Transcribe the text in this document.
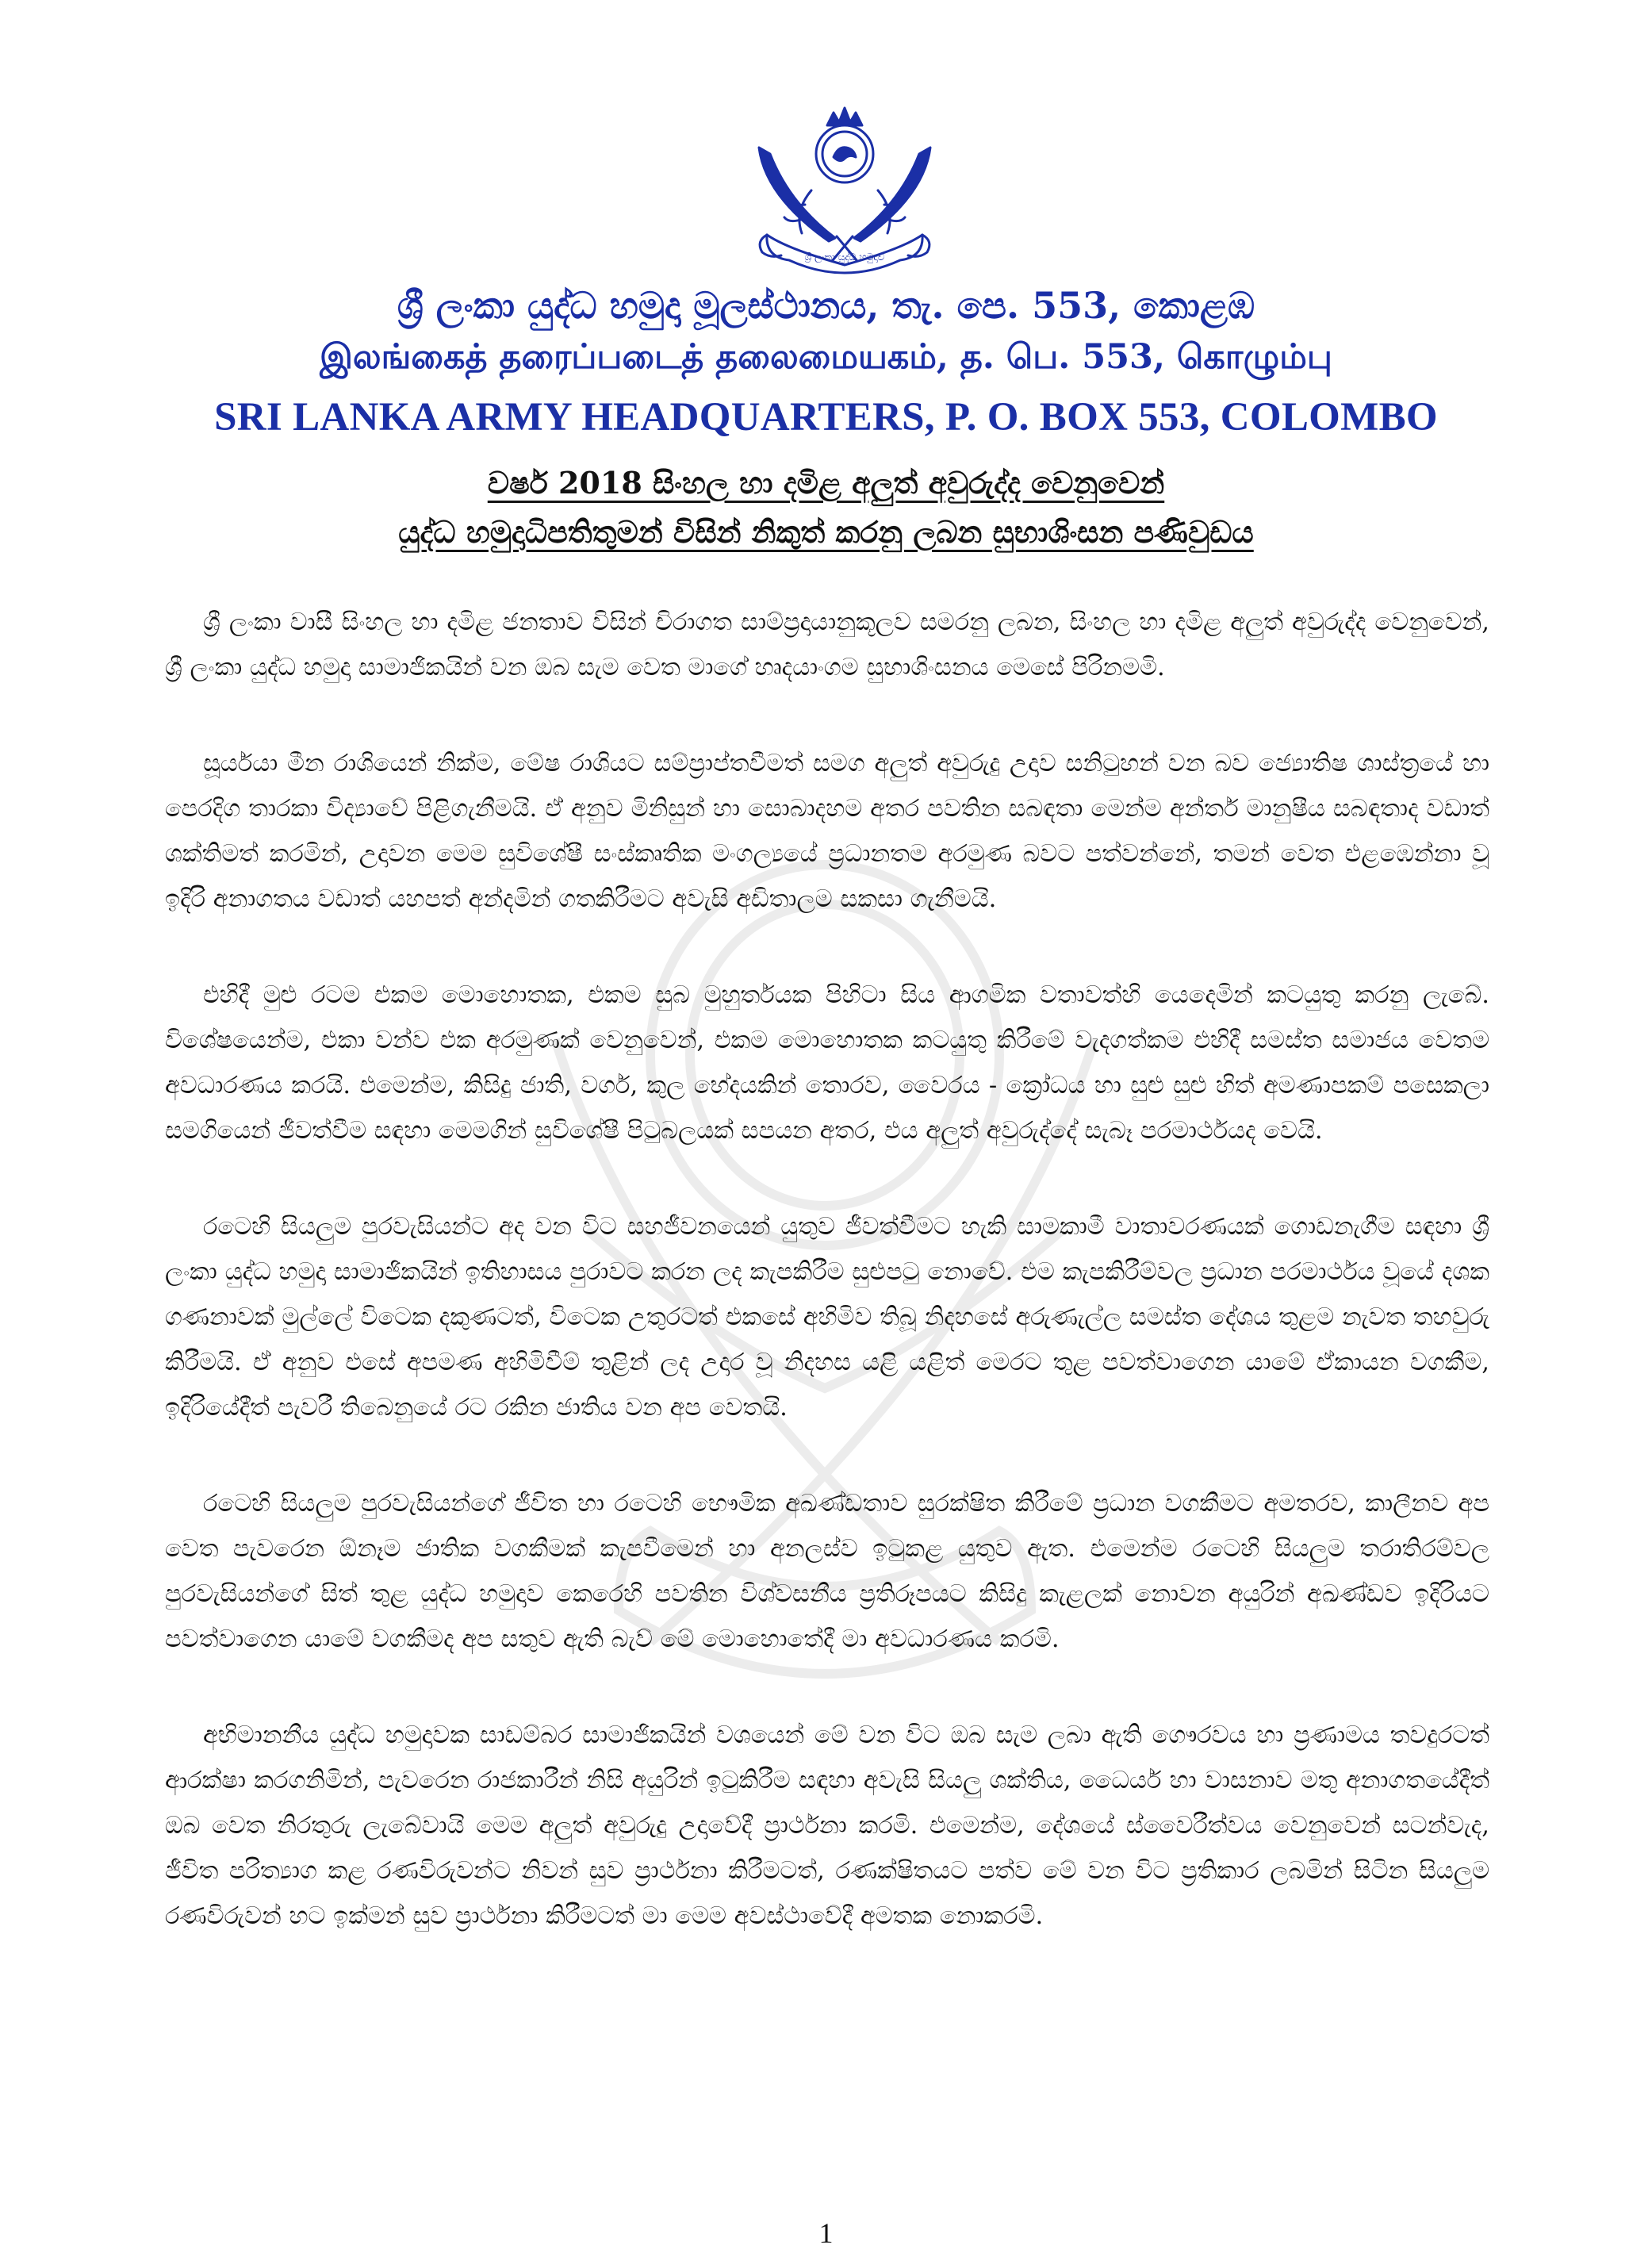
ශ්‍රී ලංකා යුද්ධ හමුදාව
ශ්‍රී ලංකා යුද්ධ හමුදා මූලස්ථානය, තැ. පෙ. 553, කොළඹ
இலங்கைத் தரைப்படைத் தலைமையகம், த. பெ. 553, கொழும்பு
SRI LANKA ARMY HEADQUARTERS, P. O. BOX 553, COLOMBO
වර්ෂ 2018 සිංහල හා දමිළ අලුත් අවුරුද්ද වෙනුවෙන්
යුද්ධ හමුදාධිපතිතුමන් විසින් නිකුත් කරනු ලබන සුභාශිංසන පණිවුඩය

ශ්‍රී ලංකා වාසී සිංහල හා දමිළ ජනතාව විසින් චිරාගත සාම්ප්‍රදායානුකූලව සමරනු ලබන, සිංහල හා දමිළ අලුත් අවුරුද්ද වෙනුවෙන්, ශ්‍රී ලංකා යුද්ධ හමුදා සාමාජිකයින් වන ඔබ සැම වෙත මාගේ හෘදයාංගම සුභාශිංසනය මෙසේ පිරිනමමි.

සූර්යයා මීන රාශියෙන් නික්ම, මේෂ රාශියට සම්ප්‍රාප්තවීමත් සමග අලුත් අවුරුදු උදාව සනිටුහන් වන බව ජ්‍යොතිෂ ශාස්ත්‍රයේ හා පෙරදිග තාරකා විද්‍යාවේ පිළිගැනීමයි. ඒ අනුව මිනිසුන් හා සොබාදහම අතර පවතින සබඳතා මෙන්ම අන්තර් මානුෂීය සබඳතාද වඩාත් ශක්තිමත් කරමින්, උදාවන මෙම සුවිශේෂී සංස්කෘතික මංගල්‍යයේ ප්‍රධානතම අරමුණ බවට පත්වන්නේ, තමන් වෙත එළඹෙන්නා වූ ඉදිරි අනාගතය වඩාත් යහපත් අන්දමින් ගතකිරීමට අවැසි අඩිතාලම සකසා ගැනීමයි.

එහිදී මුළු රටම එකම මොහොතක, එකම සුබ මුහුර්තයක පිහිටා සිය ආගමික වතාවත්හි යෙදෙමින් කටයුතු කරනු ලැබේ. විශේෂයෙන්ම, එකා වන්ව එක අරමුණක් වෙනුවෙන්, එකම මොහොතක කටයුතු කිරීමේ වැදගත්කම එහිදී සමස්ත සමාජය වෙතම අවධාරණය කරයි. එමෙන්ම, කිසිදු ජාති, වර්ග, කුල භේදයකින් තොරව, වෛරය - ක්‍රෝධය හා සුළු සුළු හිත් අමණාපකම් පසෙකලා සමගියෙන් ජීවත්වීම සඳහා මෙමගින් සුවිශේෂී පිටුබලයක් සපයන අතර, එය අලුත් අවුරුද්දේ සැබෑ පරමාර්ථයද වෙයි.

රටෙහි සියලුම පුරවැසියන්ට අද වන විට සහජීවනයෙන් යුතුව ජීවත්වීමට හැකි සාමකාමී වාතාවරණයක් ගොඩනැගීම සඳහා ශ්‍රී ලංකා යුද්ධ හමුදා සාමාජිකයින් ඉතිහාසය පුරාවට කරන ලද කැපකිරීම සුළුපටු නොවේ. එම කැපකිරීම්වල ප්‍රධාන පරමාර්ථය වූයේ දශක ගණනාවක් මුල්ලේ විටෙක දකුණටත්, විටෙක උතුරටත් එකසේ අහිමිව තිබූ නිදහසේ අරුණැල්ල සමස්ත දේශය තුළම නැවත තහවුරු කිරීමයි. ඒ අනුව එසේ අපමණ අහිමිවීම් තුළින් ලද උදාර වූ නිදහස යළි යළිත් මෙරට තුළ පවත්වාගෙන යාමේ ඒකායන වගකීම, ඉදිරියේදීත් පැවරී තිබෙනුයේ රට රකින ජාතිය වන අප වෙතයි.

රටෙහි සියලුම පුරවැසියන්ගේ ජීවිත හා රටෙහි භෞමික අඛණ්ඩතාව සුරක්ෂිත කිරීමේ ප්‍රධාන වගකීමට අමතරව, කාලීනව අප වෙත පැවරෙන ඕනෑම ජාතික වගකීමක් කැපවීමෙන් හා අනලස්ව ඉටුකළ යුතුව ඇත. එමෙන්ම රටෙහි සියලුම තරාතිරම්වල පුරවැසියන්ගේ සිත් තුළ යුද්ධ හමුදාව කෙරෙහි පවතින විශ්වසනීය ප්‍රතිරූපයට කිසිදු කැළලක් නොවන අයුරින් අඛණ්ඩව ඉදිරියට පවත්වාගෙන යාමේ වගකීමද අප සතුව ඇති බැව් මේ මොහොතේදී මා අවධාරණය කරමි.

අභිමානනීය යුද්ධ හමුදාවක සාඩම්බර සාමාජිකයින් වශයෙන් මේ වන විට ඔබ සැම ලබා ඇති ගෞරවය හා ප්‍රණාමය තවදුරටත් ආරක්ෂා කරගනිමින්, පැවරෙන රාජකාරීන් නිසි අයුරින් ඉටුකිරීම සඳහා අවැසි සියලු ශක්තිය, ධෛර්ය හා වාසනාව මතු අනාගතයේදීත් ඔබ වෙත නිරතුරු ලැබේවායි මෙම අලුත් අවුරුදු උදාවේදී ප්‍රාර්ථනා කරමි. එමෙන්ම, දේශයේ ස්වෛරීත්වය වෙනුවෙන් සටන්වැද, ජීවිත පරිත්‍යාග කළ රණවිරුවන්ට නිවන් සුව ප්‍රාර්ථනා කිරීමටත්, රණක්ෂිතයට පත්ව මේ වන විට ප්‍රතිකාර ලබමින් සිටින සියලුම රණවිරුවන් හට ඉක්මන් සුව ප්‍රාර්ථනා කිරීමටත් මා මෙම අවස්ථාවේදී අමතක නොකරමි.

1
